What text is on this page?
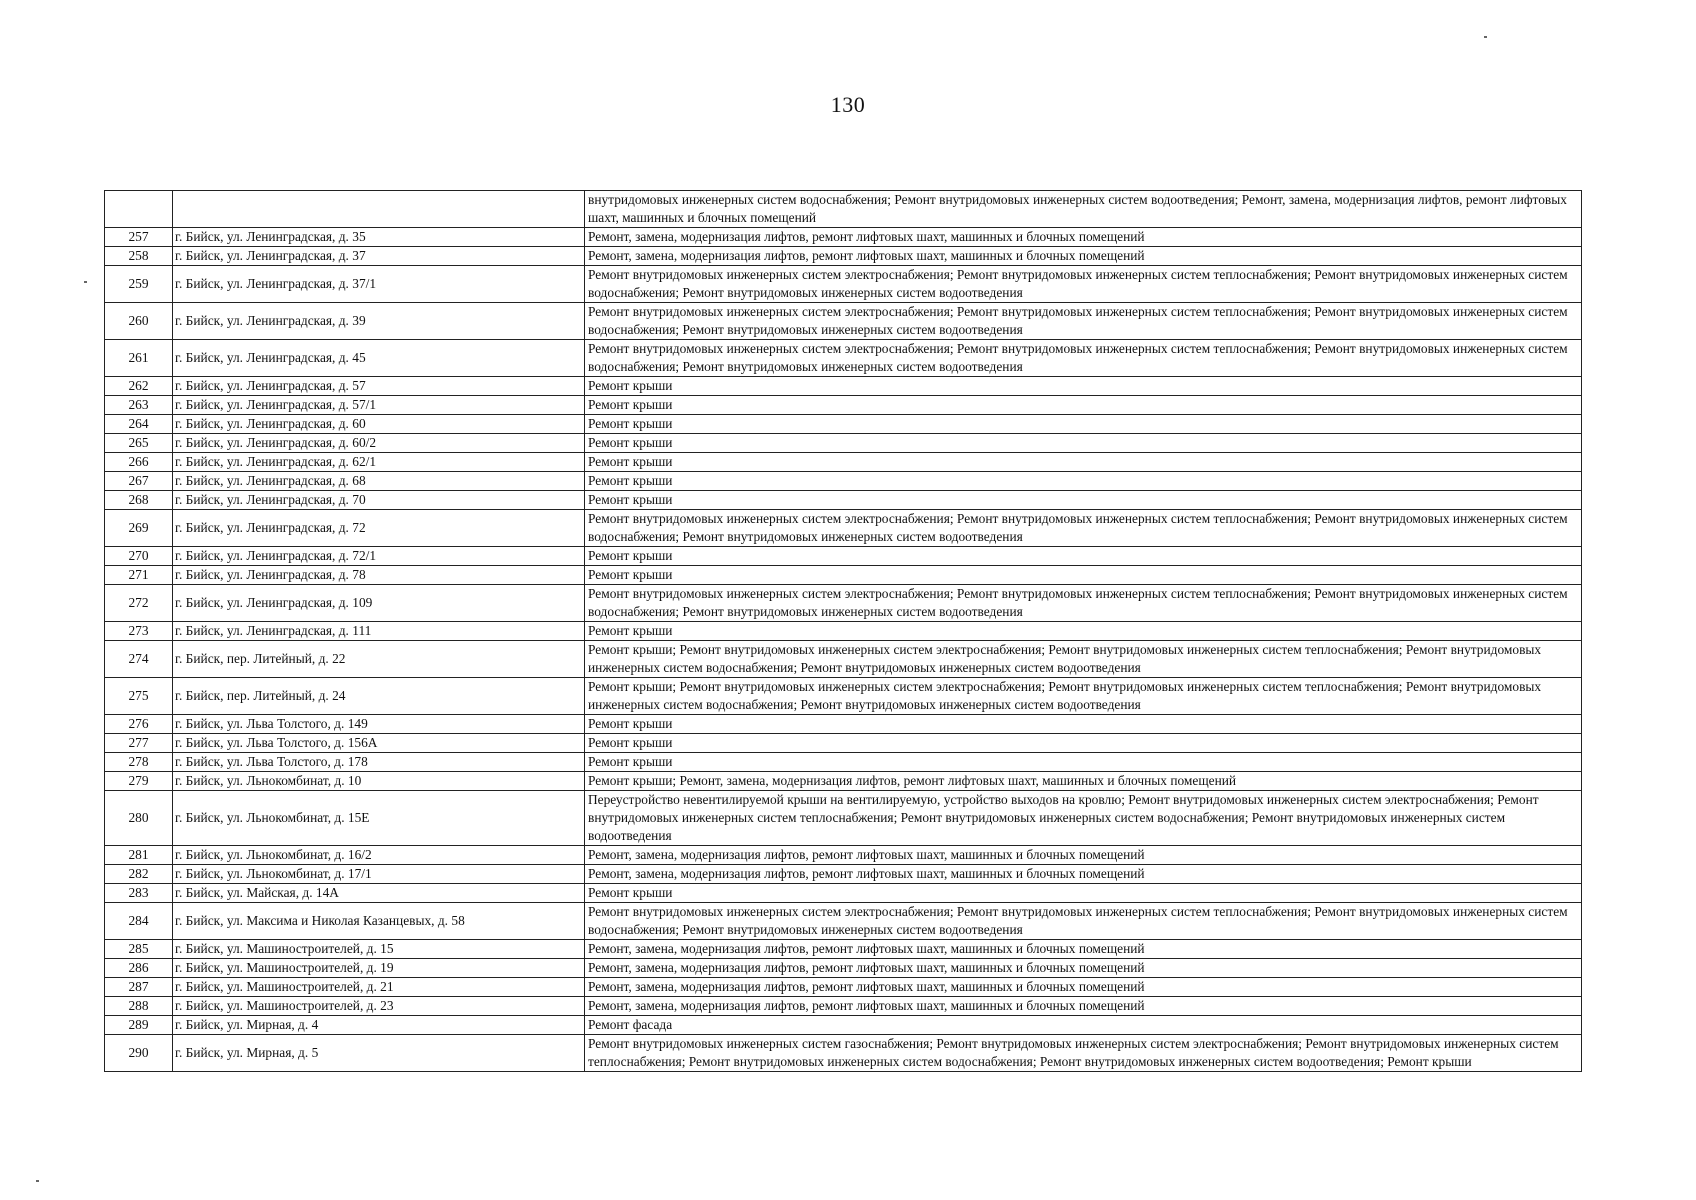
130
		внутридомовых инженерных систем водоснабжения; Ремонт внутридомовых инженерных систем водоотведения; Ремонт, замена, модернизация лифтов, ремонт лифтовых шахт, машинных и блочных помещений
257	г. Бийск, ул. Ленинградская, д. 35	Ремонт, замена, модернизация лифтов, ремонт лифтовых шахт, машинных и блочных помещений
258	г. Бийск, ул. Ленинградская, д. 37	Ремонт, замена, модернизация лифтов, ремонт лифтовых шахт, машинных и блочных помещений
259	г. Бийск, ул. Ленинградская, д. 37/1	Ремонт внутридомовых инженерных систем электроснабжения; Ремонт внутридомовых инженерных систем теплоснабжения; Ремонт внутридомовых инженерных систем водоснабжения; Ремонт внутридомовых инженерных систем водоотведения
260	г. Бийск, ул. Ленинградская, д. 39	Ремонт внутридомовых инженерных систем электроснабжения; Ремонт внутридомовых инженерных систем теплоснабжения; Ремонт внутридомовых инженерных систем водоснабжения; Ремонт внутридомовых инженерных систем водоотведения
261	г. Бийск, ул. Ленинградская, д. 45	Ремонт внутридомовых инженерных систем электроснабжения; Ремонт внутридомовых инженерных систем теплоснабжения; Ремонт внутридомовых инженерных систем водоснабжения; Ремонт внутридомовых инженерных систем водоотведения
262	г. Бийск, ул. Ленинградская, д. 57	Ремонт крыши
263	г. Бийск, ул. Ленинградская, д. 57/1	Ремонт крыши
264	г. Бийск, ул. Ленинградская, д. 60	Ремонт крыши
265	г. Бийск, ул. Ленинградская, д. 60/2	Ремонт крыши
266	г. Бийск, ул. Ленинградская, д. 62/1	Ремонт крыши
267	г. Бийск, ул. Ленинградская, д. 68	Ремонт крыши
268	г. Бийск, ул. Ленинградская, д. 70	Ремонт крыши
269	г. Бийск, ул. Ленинградская, д. 72	Ремонт внутридомовых инженерных систем электроснабжения; Ремонт внутридомовых инженерных систем теплоснабжения; Ремонт внутридомовых инженерных систем водоснабжения; Ремонт внутридомовых инженерных систем водоотведения
270	г. Бийск, ул. Ленинградская, д. 72/1	Ремонт крыши
271	г. Бийск, ул. Ленинградская, д. 78	Ремонт крыши
272	г. Бийск, ул. Ленинградская, д. 109	Ремонт внутридомовых инженерных систем электроснабжения; Ремонт внутридомовых инженерных систем теплоснабжения; Ремонт внутридомовых инженерных систем водоснабжения; Ремонт внутридомовых инженерных систем водоотведения
273	г. Бийск, ул. Ленинградская, д. 111	Ремонт крыши
274	г. Бийск, пер. Литейный, д. 22	Ремонт крыши; Ремонт внутридомовых инженерных систем электроснабжения; Ремонт внутридомовых инженерных систем теплоснабжения; Ремонт внутридомовых инженерных систем водоснабжения; Ремонт внутридомовых инженерных систем водоотведения
275	г. Бийск, пер. Литейный, д. 24	Ремонт крыши; Ремонт внутридомовых инженерных систем электроснабжения; Ремонт внутридомовых инженерных систем теплоснабжения; Ремонт внутридомовых инженерных систем водоснабжения; Ремонт внутридомовых инженерных систем водоотведения
276	г. Бийск, ул. Льва Толстого, д. 149	Ремонт крыши
277	г. Бийск, ул. Льва Толстого, д. 156А	Ремонт крыши
278	г. Бийск, ул. Льва Толстого, д. 178	Ремонт крыши
279	г. Бийск, ул. Льнокомбинат, д. 10	Ремонт крыши; Ремонт, замена, модернизация лифтов, ремонт лифтовых шахт, машинных и блочных помещений
280	г. Бийск, ул. Льнокомбинат, д. 15Е	Переустройство невентилируемой крыши на вентилируемую, устройство выходов на кровлю; Ремонт внутридомовых инженерных систем электроснабжения; Ремонт внутридомовых инженерных систем теплоснабжения; Ремонт внутридомовых инженерных систем водоснабжения; Ремонт внутридомовых инженерных систем водоотведения
281	г. Бийск, ул. Льнокомбинат, д. 16/2	Ремонт, замена, модернизация лифтов, ремонт лифтовых шахт, машинных и блочных помещений
282	г. Бийск, ул. Льнокомбинат, д. 17/1	Ремонт, замена, модернизация лифтов, ремонт лифтовых шахт, машинных и блочных помещений
283	г. Бийск, ул. Майская, д. 14А	Ремонт крыши
284	г. Бийск, ул. Максима и Николая Казанцевых, д. 58	Ремонт внутридомовых инженерных систем электроснабжения; Ремонт внутридомовых инженерных систем теплоснабжения; Ремонт внутридомовых инженерных систем водоснабжения; Ремонт внутридомовых инженерных систем водоотведения
285	г. Бийск, ул. Машиностроителей, д. 15	Ремонт, замена, модернизация лифтов, ремонт лифтовых шахт, машинных и блочных помещений
286	г. Бийск, ул. Машиностроителей, д. 19	Ремонт, замена, модернизация лифтов, ремонт лифтовых шахт, машинных и блочных помещений
287	г. Бийск, ул. Машиностроителей, д. 21	Ремонт, замена, модернизация лифтов, ремонт лифтовых шахт, машинных и блочных помещений
288	г. Бийск, ул. Машиностроителей, д. 23	Ремонт, замена, модернизация лифтов, ремонт лифтовых шахт, машинных и блочных помещений
289	г. Бийск, ул. Мирная, д. 4	Ремонт фасада
290	г. Бийск, ул. Мирная, д. 5	Ремонт внутридомовых инженерных систем газоснабжения; Ремонт внутридомовых инженерных систем электроснабжения; Ремонт внутридомовых инженерных систем теплоснабжения; Ремонт внутридомовых инженерных систем водоснабжения; Ремонт внутридомовых инженерных систем водоотведения; Ремонт крыши
